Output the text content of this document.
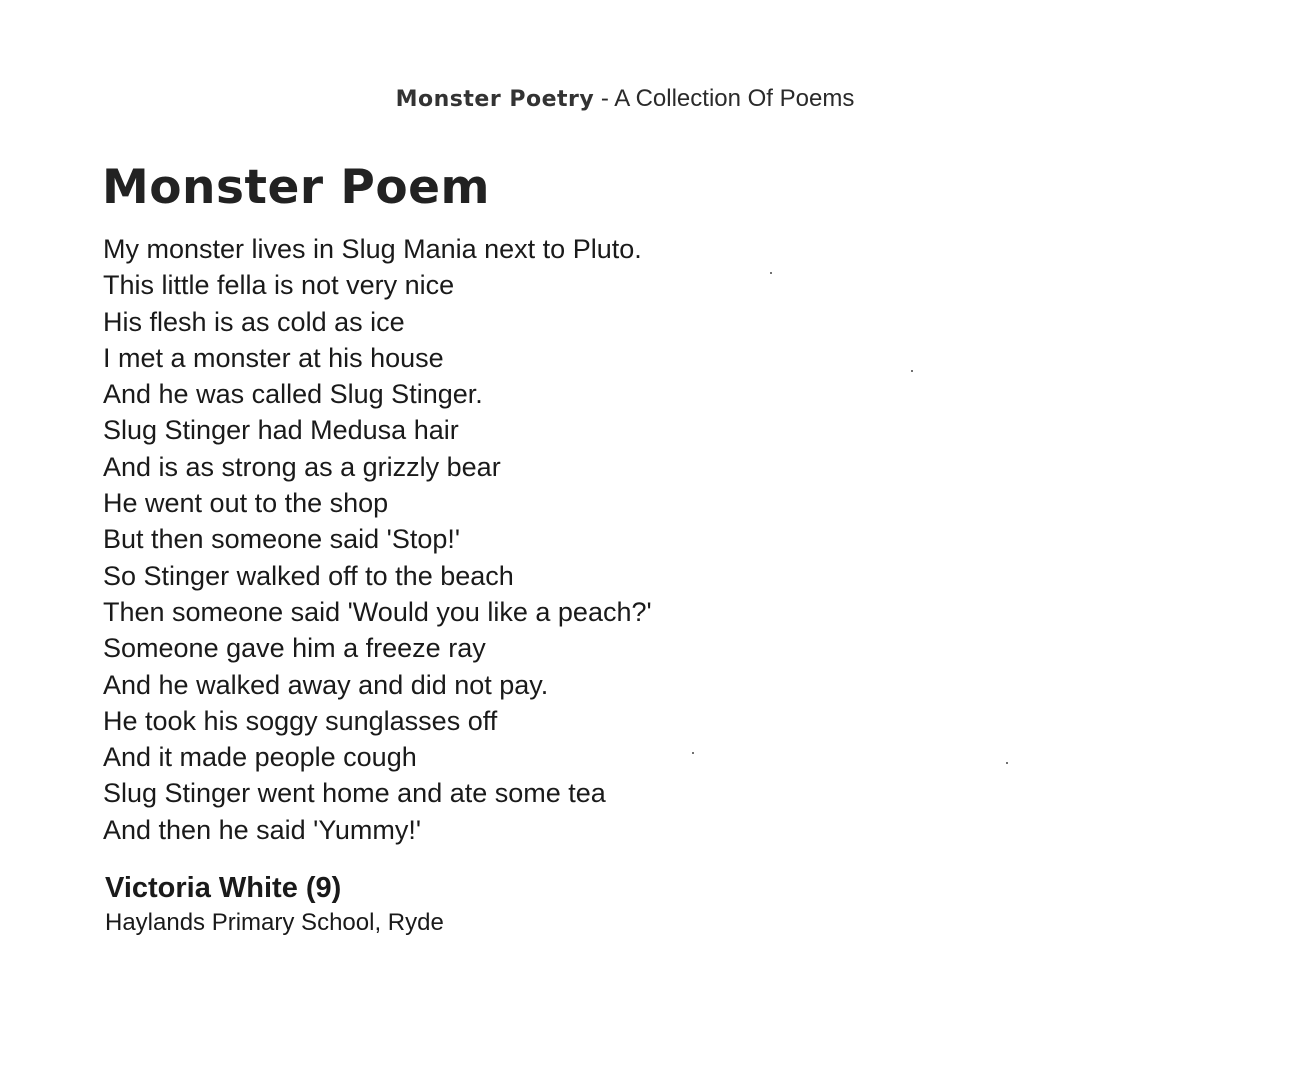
Monster Poetry - A Collection Of Poems
Monster Poem
My monster lives in Slug Mania next to Pluto.
This little fella is not very nice
His flesh is as cold as ice
I met a monster at his house
And he was called Slug Stinger.
Slug Stinger had Medusa hair
And is as strong as a grizzly bear
He went out to the shop
But then someone said 'Stop!'
So Stinger walked off to the beach
Then someone said 'Would you like a peach?'
Someone gave him a freeze ray
And he walked away and did not pay.
He took his soggy sunglasses off
And it made people cough
Slug Stinger went home and ate some tea
And then he said 'Yummy!'
Victoria White (9)
Haylands Primary School, Ryde
